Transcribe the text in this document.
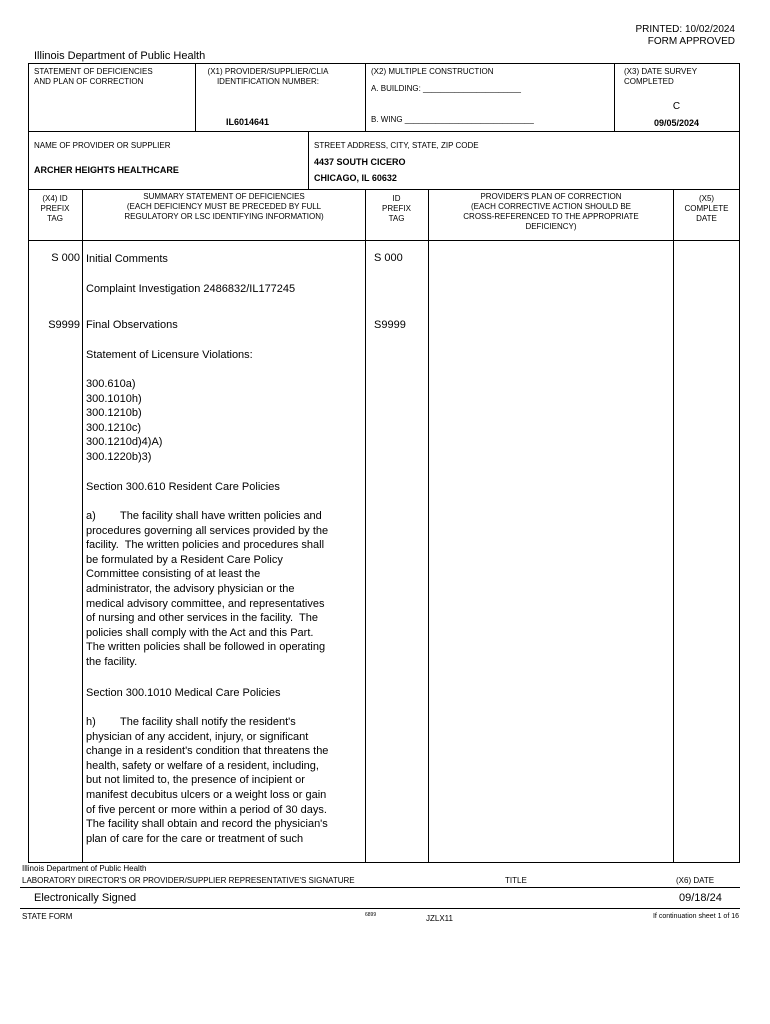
PRINTED: 10/02/2024
FORM APPROVED
Illinois Department of Public Health
STATEMENT OF DEFICIENCIES
AND PLAN OF CORRECTION
(X1) PROVIDER/SUPPLIER/CLIA
IDENTIFICATION NUMBER:
IL6014641
(X2) MULTIPLE CONSTRUCTION
A. BUILDING: ______________________
B. WING _____________________________
(X3) DATE SURVEY
COMPLETED
C
09/05/2024
NAME OF PROVIDER OR SUPPLIER
ARCHER HEIGHTS HEALTHCARE
STREET ADDRESS, CITY, STATE, ZIP CODE
4437 SOUTH CICERO
CHICAGO, IL 60632
(X4) ID
PREFIX
TAG
SUMMARY STATEMENT OF DEFICIENCIES
(EACH DEFICIENCY MUST BE PRECEDED BY FULL
REGULATORY OR LSC IDENTIFYING INFORMATION)
ID
PREFIX
TAG
PROVIDER'S PLAN OF CORRECTION
(EACH CORRECTIVE ACTION SHOULD BE
CROSS-REFERENCED TO THE APPROPRIATE
DEFICIENCY)
(X5)
COMPLETE
DATE
S 000 Initial Comments	S 000
Complaint Investigation 2486832/IL177245
S9999 Final Observations	S9999
Statement of Licensure Violations:
300.610a)
300.1010h)
300.1210b)
300.1210c)
300.1210d)4)A)
300.1220b)3)
Section 300.610 Resident Care Policies
a)        The facility shall have written policies and
procedures governing all services provided by the
facility.  The written policies and procedures shall
be formulated by a Resident Care Policy
Committee consisting of at least the
administrator, the advisory physician or the
medical advisory committee, and representatives
of nursing and other services in the facility.  The
policies shall comply with the Act and this Part.
The written policies shall be followed in operating
the facility.
Section 300.1010 Medical Care Policies
h)        The facility shall notify the resident's
physician of any accident, injury, or significant
change in a resident's condition that threatens the
health, safety or welfare of a resident, including,
but not limited to, the presence of incipient or
manifest decubitus ulcers or a weight loss or gain
of five percent or more within a period of 30 days.
The facility shall obtain and record the physician's
plan of care for the care or treatment of such
Illinois Department of Public Health
LABORATORY DIRECTOR'S OR PROVIDER/SUPPLIER REPRESENTATIVE'S SIGNATURE	TITLE	(X6) DATE
Electronically Signed	09/18/24
STATE FORM	6899	JZLX11	If continuation sheet 1 of 16
